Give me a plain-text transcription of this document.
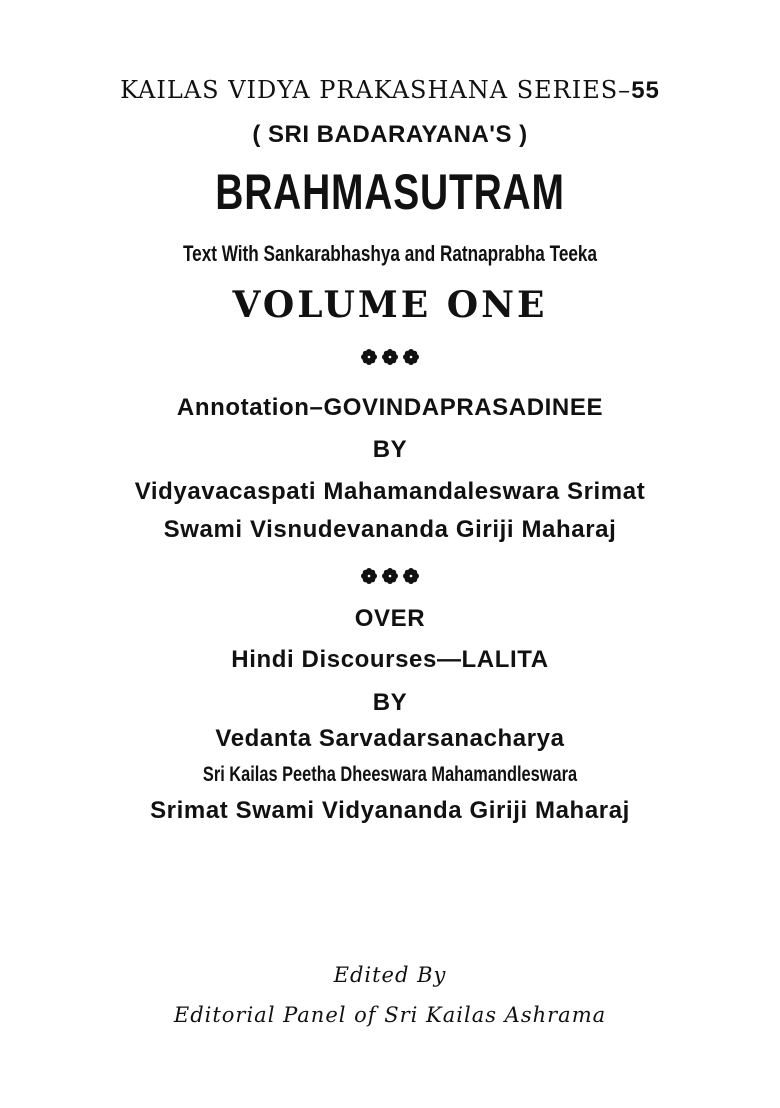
KAILAS VIDYA PRAKASHANA SERIES–55
( SRI BADARAYANA'S )
BRAHMASUTRAM
Text With Sankarabhashya and Ratnaprabha Teeka
VOLUME ONE
Annotation–GOVINDAPRASADINEE
BY
Vidyavacaspati Mahamandaleswara Srimat
Swami Visnudevananda Giriji Maharaj
OVER
Hindi Discourses—LALITA
BY
Vedanta Sarvadarsanacharya
Sri Kailas Peetha Dheeswara Mahamandleswara
Srimat Swami Vidyananda Giriji Maharaj
Edited By
Editorial Panel of Sri Kailas Ashrama
